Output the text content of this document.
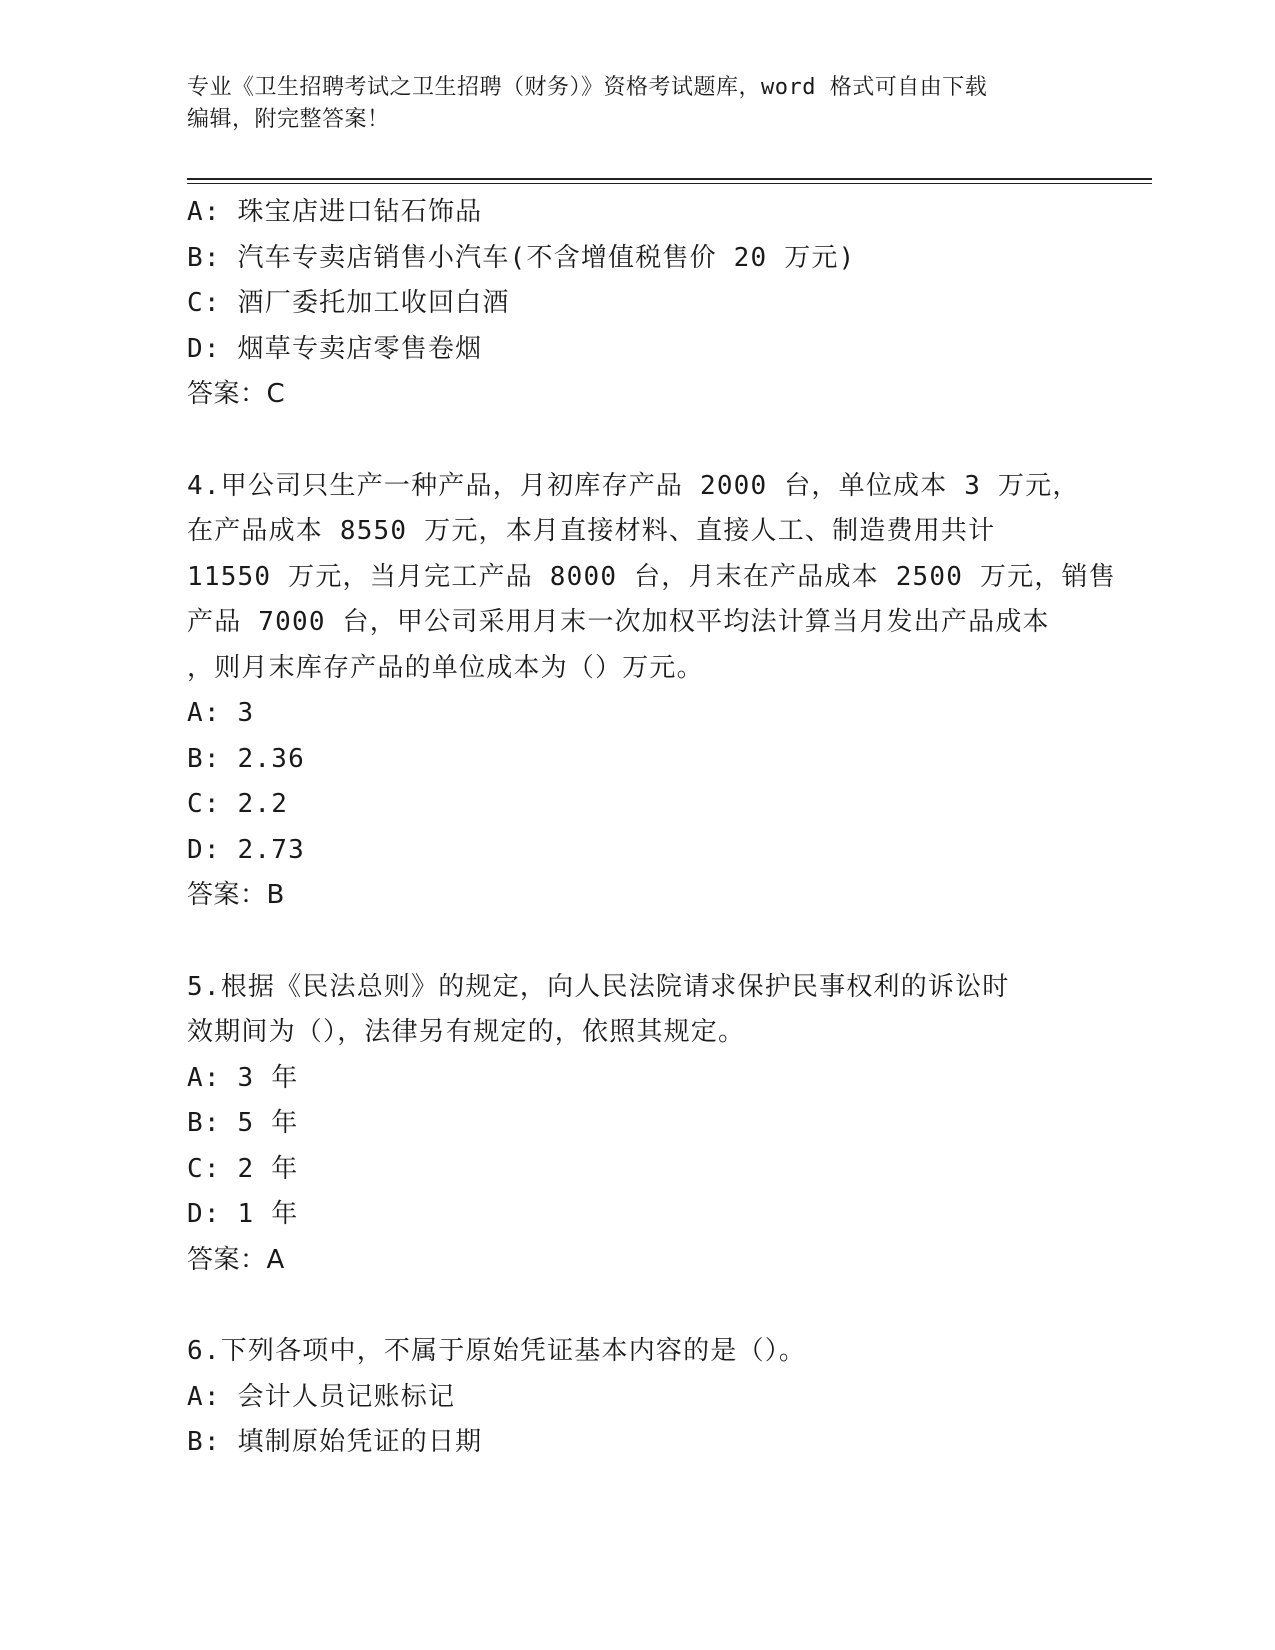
专业《卫生招聘考试之卫生招聘（财务）》资格考试题库，word 格式可自由下载
编辑，附完整答案！
A: 珠宝店进口钻石饰品
B: 汽车专卖店销售小汽车(不含增值税售价 20 万元)
C: 酒厂委托加工收回白酒
D: 烟草专卖店零售卷烟
答案：C
4.甲公司只生产一种产品，月初库存产品 2000 台，单位成本 3 万元，
在产品成本 8550 万元，本月直接材料、直接人工、制造费用共计
11550 万元，当月完工产品 8000 台，月末在产品成本 2500 万元，销售
产品 7000 台，甲公司采用月末一次加权平均法计算当月发出产品成本
，则月末库存产品的单位成本为（）万元。
A: 3
B: 2.36
C: 2.2
D: 2.73
答案：B
5.根据《民法总则》的规定，向人民法院请求保护民事权利的诉讼时
效期间为（），法律另有规定的，依照其规定。
A: 3 年
B: 5 年
C: 2 年
D: 1 年
答案：A
6.下列各项中，不属于原始凭证基本内容的是（）。
A: 会计人员记账标记
B: 填制原始凭证的日期
